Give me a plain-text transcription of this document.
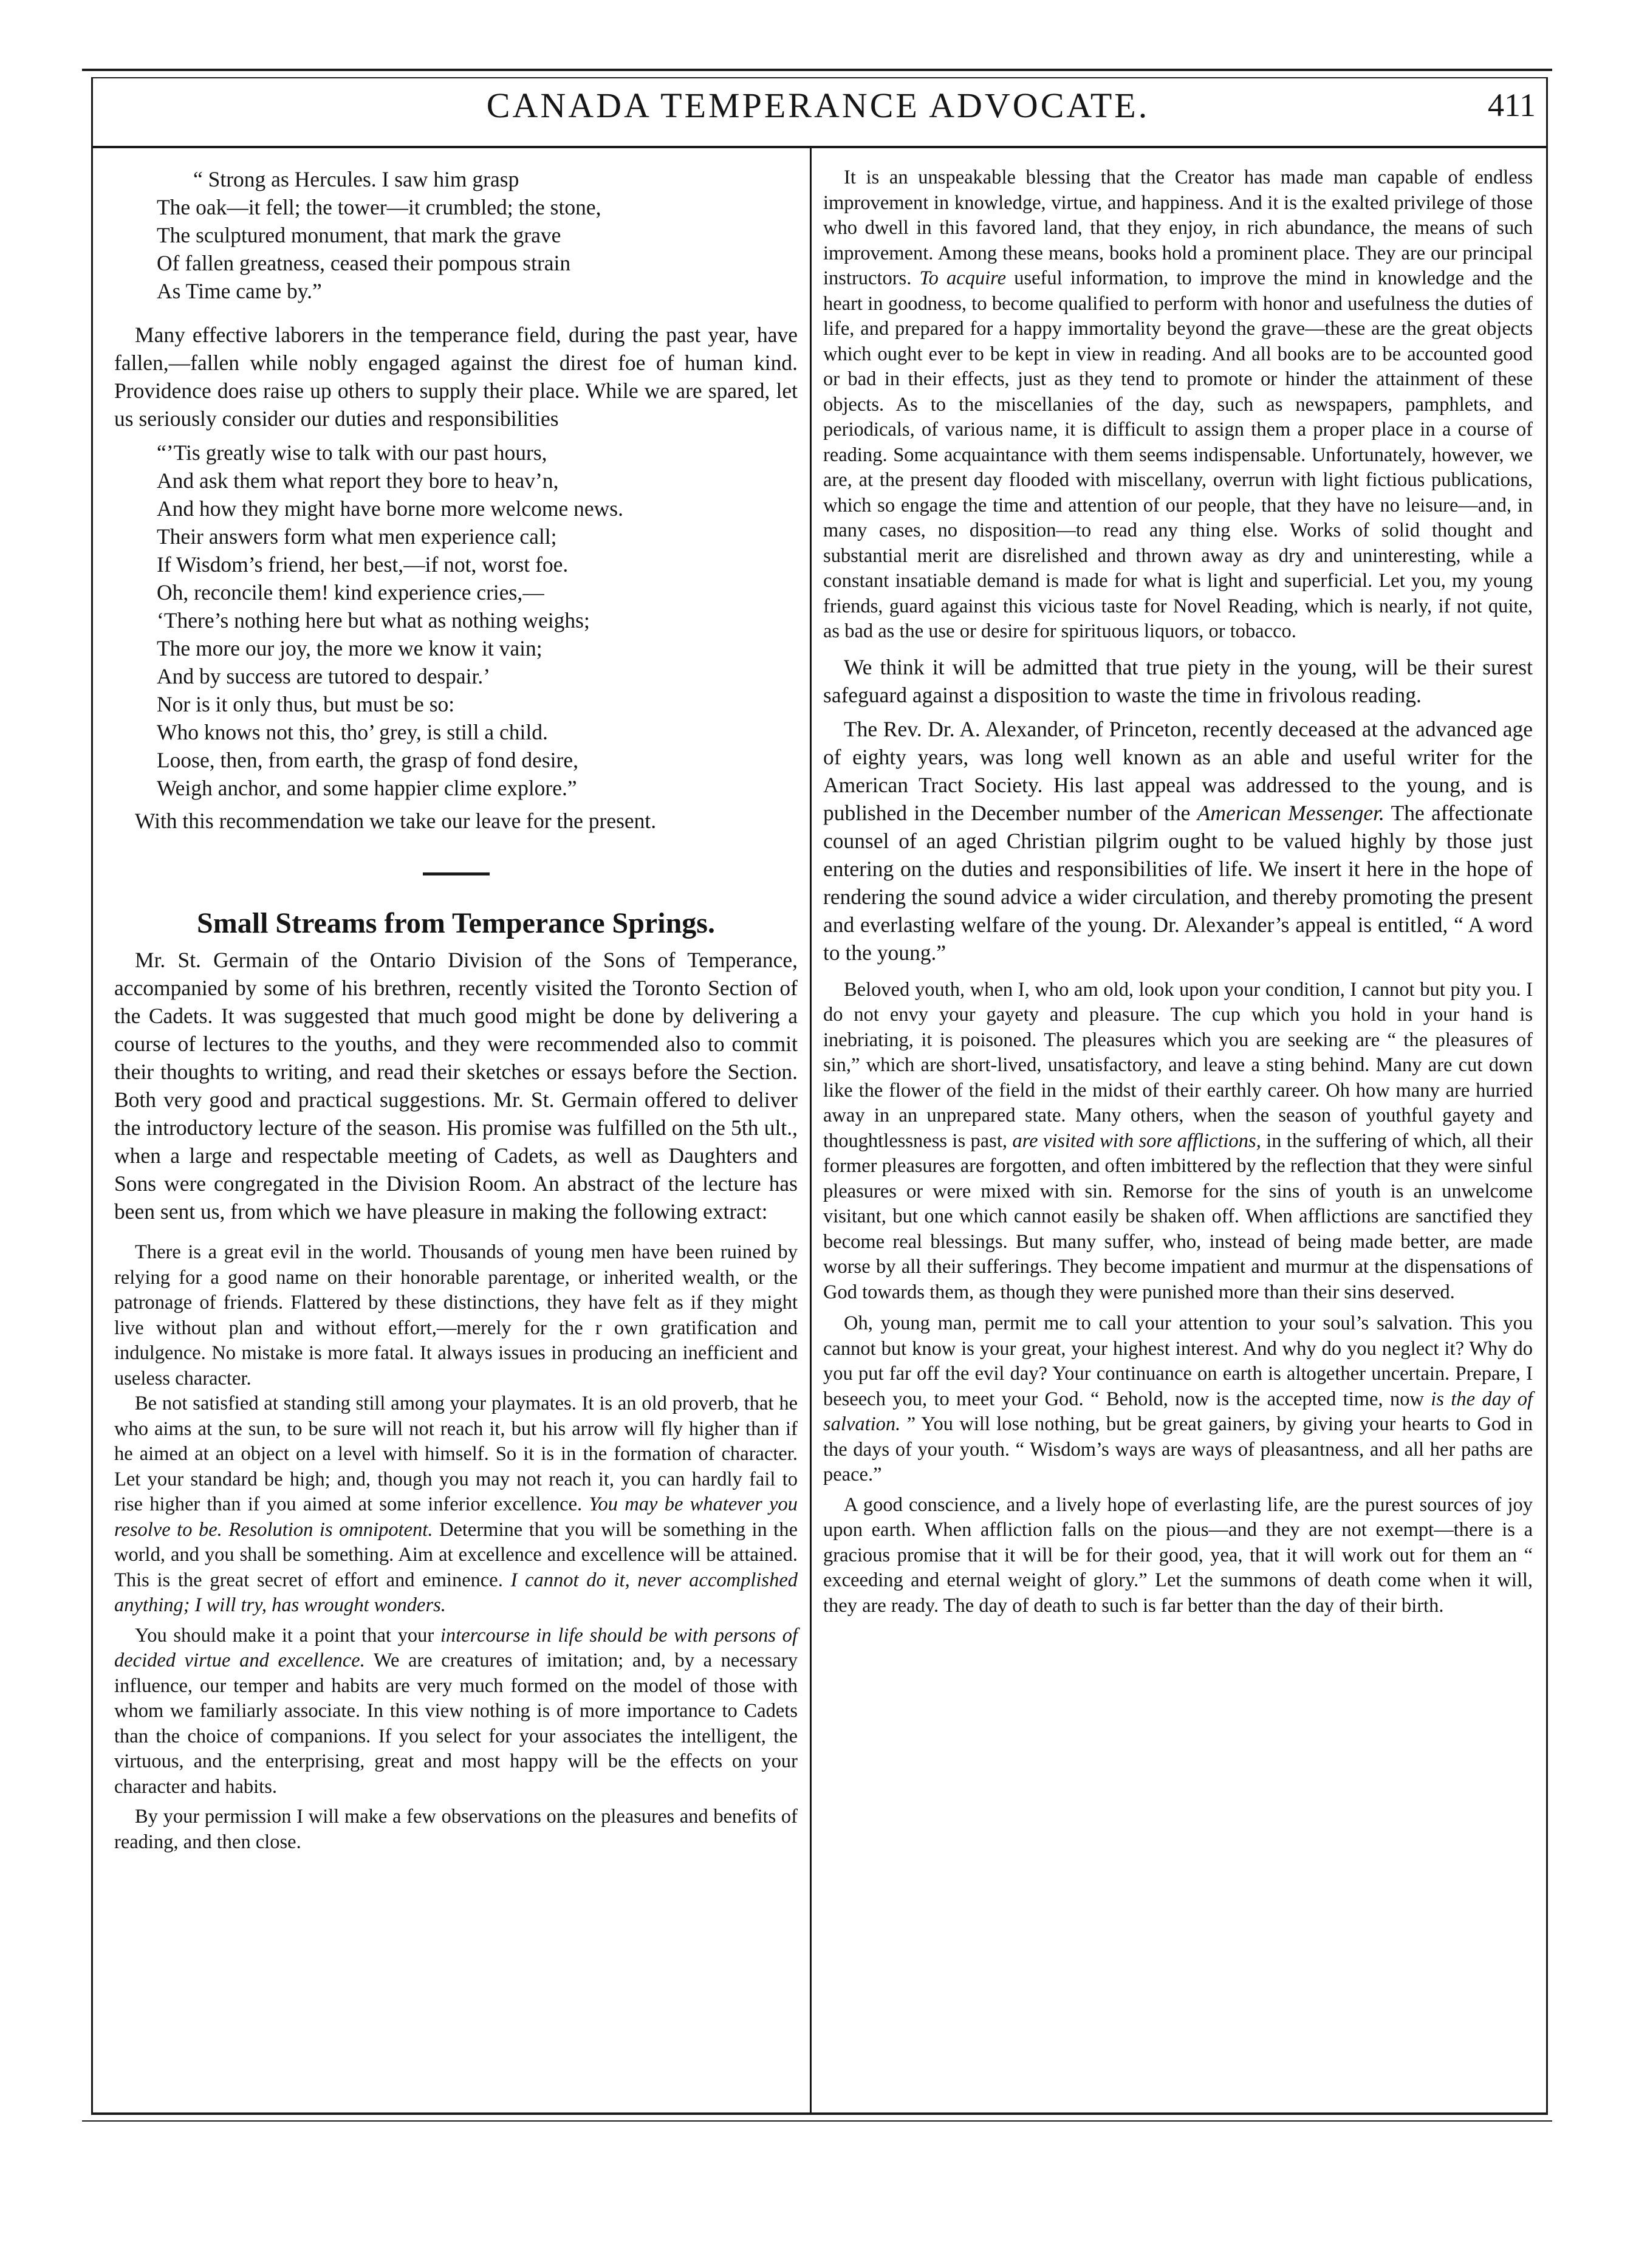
CANADA TEMPERANCE ADVOCATE.	411
“ Strong as Hercules. I saw him grasp
The oak—it fell; the tower—it crumbled; the stone,
The sculptured monument, that mark the grave
Of fallen greatness, ceased their pompous strain
As Time came by.”

Many effective laborers in the temperance field, during the past year, have fallen,—fallen while nobly engaged against the direst foe of human kind. Providence does raise up others to supply their place. While we are spared, let us seriously consider our duties and responsibilities

“’Tis greatly wise to talk with our past hours,
And ask them what report they bore to heav’n,
And how they might have borne more welcome news.
Their answers form what men experience call;
If Wisdom’s friend, her best,—if not, worst foe.
Oh, reconcile them! kind experience cries,—
‘There’s nothing here but what as nothing weighs;
The more our joy, the more we know it vain;
And by success are tutored to despair.’
Nor is it only thus, but must be so:
Who knows not this, tho’ grey, is still a child.
Loose, then, from earth, the grasp of fond desire,
Weigh anchor, and some happier clime explore.”

With this recommendation we take our leave for the present.

Small Streams from Temperance Springs.

Mr. St. Germain of the Ontario Division of the Sons of Temperance, accompanied by some of his brethren, recently visited the Toronto Section of the Cadets. It was suggested that much good might be done by delivering a course of lectures to the youths, and they were recommended also to commit their thoughts to writing, and read their sketches or essays before the Section. Both very good and practical suggestions. Mr. St. Germain offered to deliver the introductory lecture of the season. His promise was fulfilled on the 5th ult., when a large and respectable meeting of Cadets, as well as Daughters and Sons were congregated in the Division Room. An abstract of the lecture has been sent us, from which we have pleasure in making the following extract:

There is a great evil in the world. Thousands of young men have been ruined by relying for a good name on their honorable parentage, or inherited wealth, or the patronage of friends. Flattered by these distinctions, they have felt as if they might live without plan and without effort,—merely for the r own gratification and indulgence. No mistake is more fatal. It always issues in producing an inefficient and useless character.

Be not satisfied at standing still among your playmates. It is an old proverb, that he who aims at the sun, to be sure will not reach it, but his arrow will fly higher than if he aimed at an object on a level with himself. So it is in the formation of character. Let your standard be high; and, though you may not reach it, you can hardly fail to rise higher than if you aimed at some inferior excellence. You may be whatever you resolve to be. Resolution is omnipotent. Determine that you will be something in the world, and you shall be something. Aim at excellence and excellence will be attained. This is the great secret of effort and eminence. I cannot do it, never accomplished anything; I will try, has wrought wonders.

You should make it a point that your intercourse in life should be with persons of decided virtue and excellence. We are creatures of imitation; and, by a necessary influence, our temper and habits are very much formed on the model of those with whom we familiarly associate. In this view nothing is of more importance to Cadets than the choice of companions. If you select for your associates the intelligent, the virtuous, and the enterprising, great and most happy will be the effects on your character and habits.

By your permission I will make a few observations on the pleasures and benefits of reading, and then close.

It is an unspeakable blessing that the Creator has made man capable of endless improvement in knowledge, virtue, and happiness. And it is the exalted privilege of those who dwell in this favored land, that they enjoy, in rich abundance, the means of such improvement. Among these means, books hold a prominent place. They are our principal instructors. To acquire useful information, to improve the mind in knowledge and the heart in goodness, to become qualified to perform with honor and usefulness the duties of life, and prepared for a happy immortality beyond the grave—these are the great objects which ought ever to be kept in view in reading. And all books are to be accounted good or bad in their effects, just as they tend to promote or hinder the attainment of these objects. As to the miscellanies of the day, such as newspapers, pamphlets, and periodicals, of various name, it is difficult to assign them a proper place in a course of reading. Some acquaintance with them seems indispensable. Unfortunately, however, we are, at the present day flooded with miscellany, overrun with light fictious publications, which so engage the time and attention of our people, that they have no leisure—and, in many cases, no disposition—to read any thing else. Works of solid thought and substantial merit are disrelished and thrown away as dry and uninteresting, while a constant insatiable demand is made for what is light and superficial. Let you, my young friends, guard against this vicious taste for Novel Reading, which is nearly, if not quite, as bad as the use or desire for spirituous liquors, or tobacco.

We think it will be admitted that true piety in the young, will be their surest safeguard against a disposition to waste the time in frivolous reading.

The Rev. Dr. A. Alexander, of Princeton, recently deceased at the advanced age of eighty years, was long well known as an able and useful writer for the American Tract Society. His last appeal was addressed to the young, and is published in the December number of the American Messenger. The affectionate counsel of an aged Christian pilgrim ought to be valued highly by those just entering on the duties and responsibilities of life. We insert it here in the hope of rendering the sound advice a wider circulation, and thereby promoting the present and everlasting welfare of the young. Dr. Alexander’s appeal is entitled, “ A word to the young.”

Beloved youth, when I, who am old, look upon your condition, I cannot but pity you. I do not envy your gayety and pleasure. The cup which you hold in your hand is inebriating, it is poisoned. The pleasures which you are seeking are “ the pleasures of sin,” which are short-lived, unsatisfactory, and leave a sting behind. Many are cut down like the flower of the field in the midst of their earthly career. Oh how many are hurried away in an unprepared state. Many others, when the season of youthful gayety and thoughtlessness is past, are visited with sore afflictions, in the suffering of which, all their former pleasures are forgotten, and often imbittered by the reflection that they were sinful pleasures or were mixed with sin. Remorse for the sins of youth is an unwelcome visitant, but one which cannot easily be shaken off. When afflictions are sanctified they become real blessings. But many suffer, who, instead of being made better, are made worse by all their sufferings. They become impatient and murmur at the dispensations of God towards them, as though they were punished more than their sins deserved.

Oh, young man, permit me to call your attention to your soul’s salvation. This you cannot but know is your great, your highest interest. And why do you neglect it? Why do you put far off the evil day? Your continuance on earth is altogether uncertain. Prepare, I beseech you, to meet your God. “ Behold, now is the accepted time, now is the day of salvation. ” You will lose nothing, but be great gainers, by giving your hearts to God in the days of your youth. “ Wisdom’s ways are ways of pleasantness, and all her paths are peace.”

A good conscience, and a lively hope of everlasting life, are the purest sources of joy upon earth. When affliction falls on the pious—and they are not exempt—there is a gracious promise that it will be for their good, yea, that it will work out for them an “ exceeding and eternal weight of glory.” Let the summons of death come when it will, they are ready. The day of death to such is far better than the day of their birth.
